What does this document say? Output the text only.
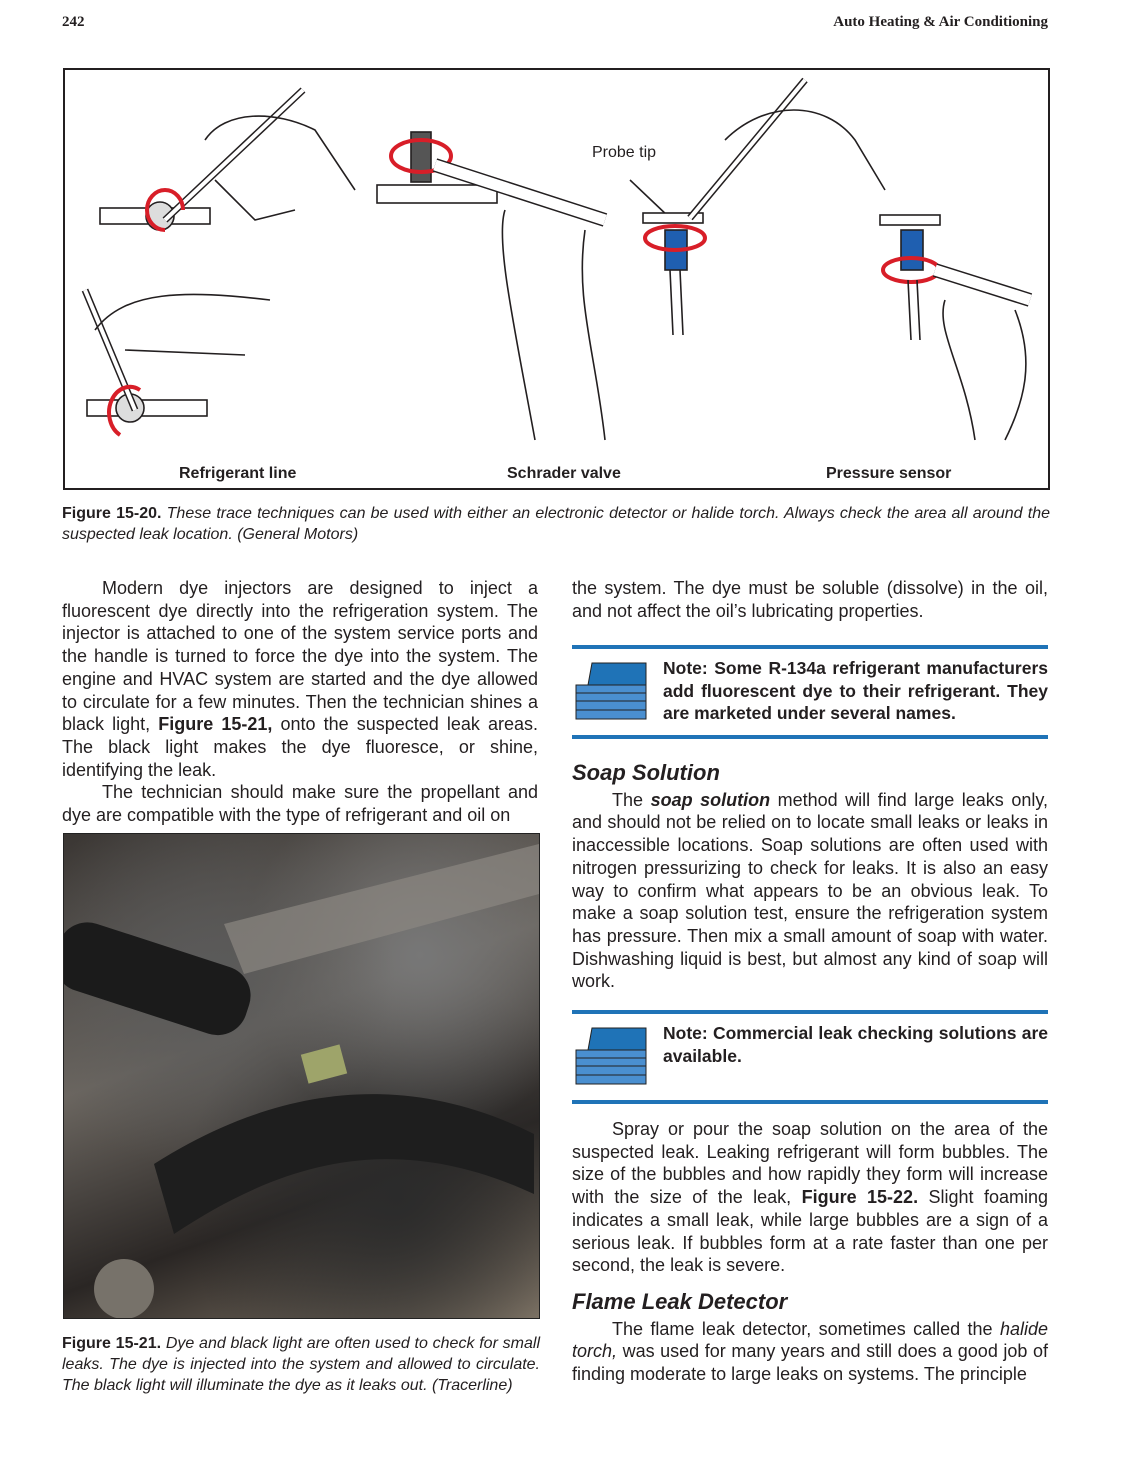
242	Auto Heating & Air Conditioning
Probe tip
Refrigerant line	Schrader valve	Pressure sensor
Figure 15-20. These trace techniques can be used with either an electronic detector or halide torch. Always check the area all around the suspected leak location. (General Motors)

Modern dye injectors are designed to inject a fluorescent dye directly into the refrigeration system. The injector is attached to one of the system service ports and the handle is turned to force the dye into the system. The engine and HVAC system are started and the dye allowed to circulate for a few minutes. Then the technician shines a black light, Figure 15-21, onto the suspected leak areas. The black light makes the dye fluoresce, or shine, identifying the leak.

The technician should make sure the propellant and dye are compatible with the type of refrigerant and oil on

Figure 15-21. Dye and black light are often used to check for small leaks. The dye is injected into the system and allowed to circulate. The black light will illuminate the dye as it leaks out. (Tracerline)

the system. The dye must be soluble (dissolve) in the oil, and not affect the oil’s lubricating properties.

Note: Some R-134a refrigerant manufacturers add fluorescent dye to their refrigerant. They are marketed under several names.
Soap Solution

The soap solution method will find large leaks only, and should not be relied on to locate small leaks or leaks in inaccessible locations. Soap solutions are often used with nitrogen pressurizing to check for leaks. It is also an easy way to confirm what appears to be an obvious leak. To make a soap solution test, ensure the refrigeration system has pressure. Then mix a small amount of soap with water. Dishwashing liquid is best, but almost any kind of soap will work.

Note: Commercial leak checking solutions are available.

Spray or pour the soap solution on the area of the suspected leak. Leaking refrigerant will form bubbles. The size of the bubbles and how rapidly they form will increase with the size of the leak, Figure 15-22. Slight foaming indicates a small leak, while large bubbles are a sign of a serious leak. If bubbles form at a rate faster than one per second, the leak is severe.

Flame Leak Detector

The flame leak detector, sometimes called the halide torch, was used for many years and still does a good job of finding moderate to large leaks on systems. The principle
